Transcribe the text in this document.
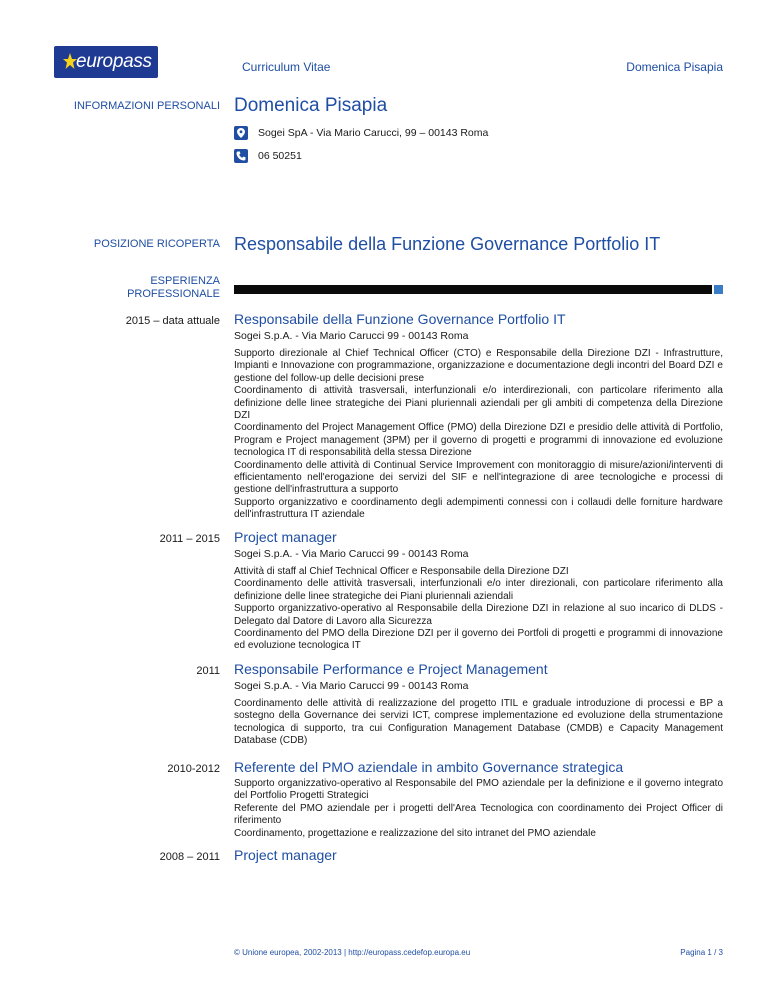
europass	Curriculum Vitae	Domenica Pisapia
INFORMAZIONI PERSONALI Domenica Pisapia
Sogei SpA - Via Mario Carucci, 99 – 00143 Roma
06 50251
POSIZIONE RICOPERTA Responsabile della Funzione Governance Portfolio IT
ESPERIENZA
PROFESSIONALE
2015 – data attuale Responsabile della Funzione Governance Portfolio IT
Sogei S.p.A. - Via Mario Carucci 99 - 00143 Roma

Supporto direzionale al Chief Technical Officer (CTO) e Responsabile della Direzione DZI - Infrastrutture, Impianti e Innovazione con programmazione, organizzazione e documentazione degli incontri del Board DZI e gestione del follow-up delle decisioni prese

Coordinamento di attività trasversali, interfunzionali e/o interdirezionali, con particolare riferimento alla definizione delle linee strategiche dei Piani pluriennali aziendali per gli ambiti di competenza della Direzione DZI

Coordinamento del Project Management Office (PMO) della Direzione DZI e presidio delle attività di Portfolio, Program e Project management (3PM) per il governo di progetti e programmi di innovazione ed evoluzione tecnologica IT di responsabilità della stessa Direzione

Coordinamento delle attività di Continual Service Improvement con monitoraggio di misure/azioni/interventi di efficientamento nell'erogazione dei servizi del SIF e nell'integrazione di aree tecnologiche e processi di gestione dell'infrastruttura a supporto

Supporto organizzativo e coordinamento degli adempimenti connessi con i collaudi delle forniture hardware dell'infrastruttura IT aziendale

2011 – 2015 Project manager
Sogei S.p.A. - Via Mario Carucci 99 - 00143 Roma

Attività di staff al Chief Technical Officer e Responsabile della Direzione DZI

Coordinamento delle attività trasversali, interfunzionali e/o inter direzionali, con particolare riferimento alla definizione delle linee strategiche dei Piani pluriennali aziendali

Supporto organizzativo-operativo al Responsabile della Direzione DZI in relazione al suo incarico di DLDS - Delegato dal Datore di Lavoro alla Sicurezza

Coordinamento del PMO della Direzione DZI per il governo dei Portfoli di progetti e programmi di innovazione ed evoluzione tecnologica IT

2011 Responsabile Performance e Project Management
Sogei S.p.A. - Via Mario Carucci 99 - 00143 Roma

Coordinamento delle attività di realizzazione del progetto ITIL e graduale introduzione di processi e BP a sostegno della Governance dei servizi ICT, comprese implementazione ed evoluzione della strumentazione tecnologica di supporto, tra cui Configuration Management Database (CMDB) e Capacity Management Database (CDB)

2010-2012 Referente del PMO aziendale in ambito Governance strategica

Supporto organizzativo-operativo al Responsabile del PMO aziendale per la definizione e il governo integrato del Portfolio Progetti Strategici

Referente del PMO aziendale per i progetti dell'Area Tecnologica con coordinamento dei Project Officer di riferimento

Coordinamento, progettazione e realizzazione del sito intranet del PMO aziendale

2008 – 2011 Project manager
© Unione europea, 2002-2013 | http://europass.cedefop.europa.eu	Pagina 1 / 3
